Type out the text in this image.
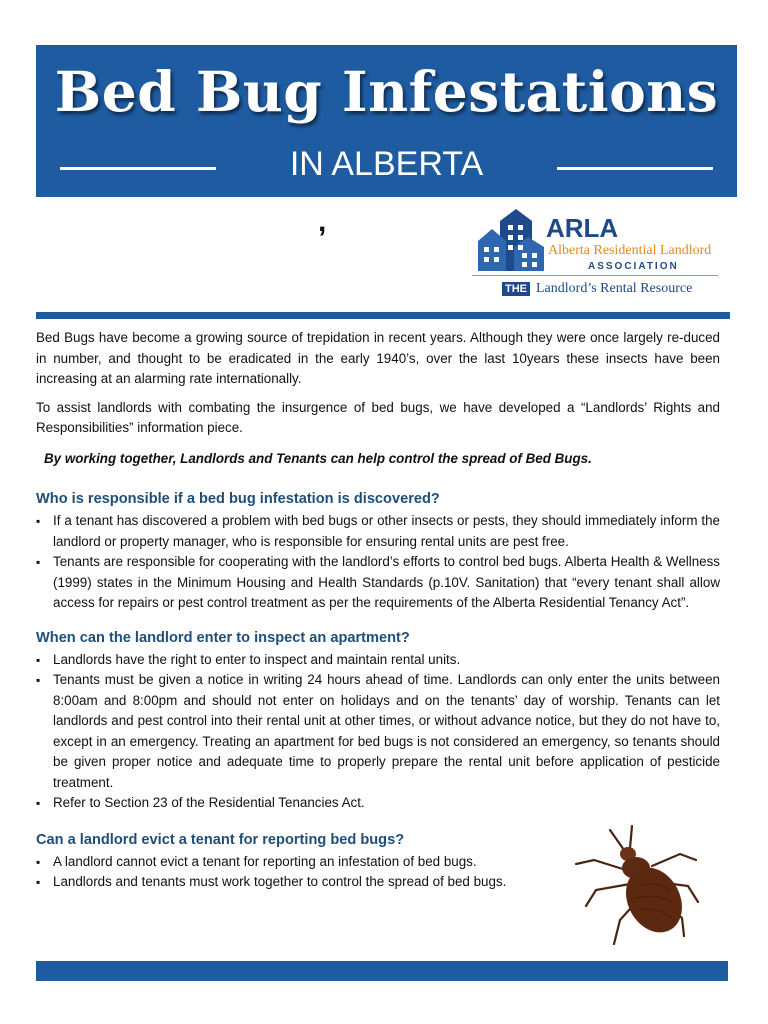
Bed Bug Infestations
IN ALBERTA
,	ARLA
Alberta Residential Landlord
ASSOCIATION
THE Landlord’s Rental Resource

Bed Bugs have become a growing source of trepidation in recent years. Although they were once largely re-duced in number, and thought to be eradicated in the early 1940’s, over the last 10years these insects have been increasing at an alarming rate internationally.

To assist landlords with combating the insurgence of bed bugs, we have developed a “Landlords’ Rights and Responsibilities” information piece.

By working together, Landlords and Tenants can help control the spread of Bed Bugs.
Who is responsible if a bed bug infestation is discovered?
▪ If a tenant has discovered a problem with bed bugs or other insects or pests, they should immediately inform the landlord or property manager, who is responsible for ensuring rental units are pest free.
▪ Tenants are responsible for cooperating with the landlord’s efforts to control bed bugs. Alberta Health & Wellness (1999) states in the Minimum Housing and Health Standards (p.10V. Sanitation) that “every tenant shall allow access for repairs or pest control treatment as per the requirements of the Alberta Residential Tenancy Act”.
When can the landlord enter to inspect an apartment?
▪ Landlords have the right to enter to inspect and maintain rental units.
▪ Tenants must be given a notice in writing 24 hours ahead of time. Landlords can only enter the units between 8:00am and 8:00pm and should not enter on holidays and on the tenants’ day of worship. Tenants can let landlords and pest control into their rental unit at other times, or without advance notice, but they do not have to, except in an emergency. Treating an apartment for bed bugs is not considered an emergency, so tenants should be given proper notice and adequate time to properly prepare the rental unit before application of pesticide treatment.
▪ Refer to Section 23 of the Residential Tenancies Act.
Can a landlord evict a tenant for reporting bed bugs?
▪ A landlord cannot evict a tenant for reporting an infestation of bed bugs.
▪ Landlords and tenants must work together to control the spread of bed bugs.
